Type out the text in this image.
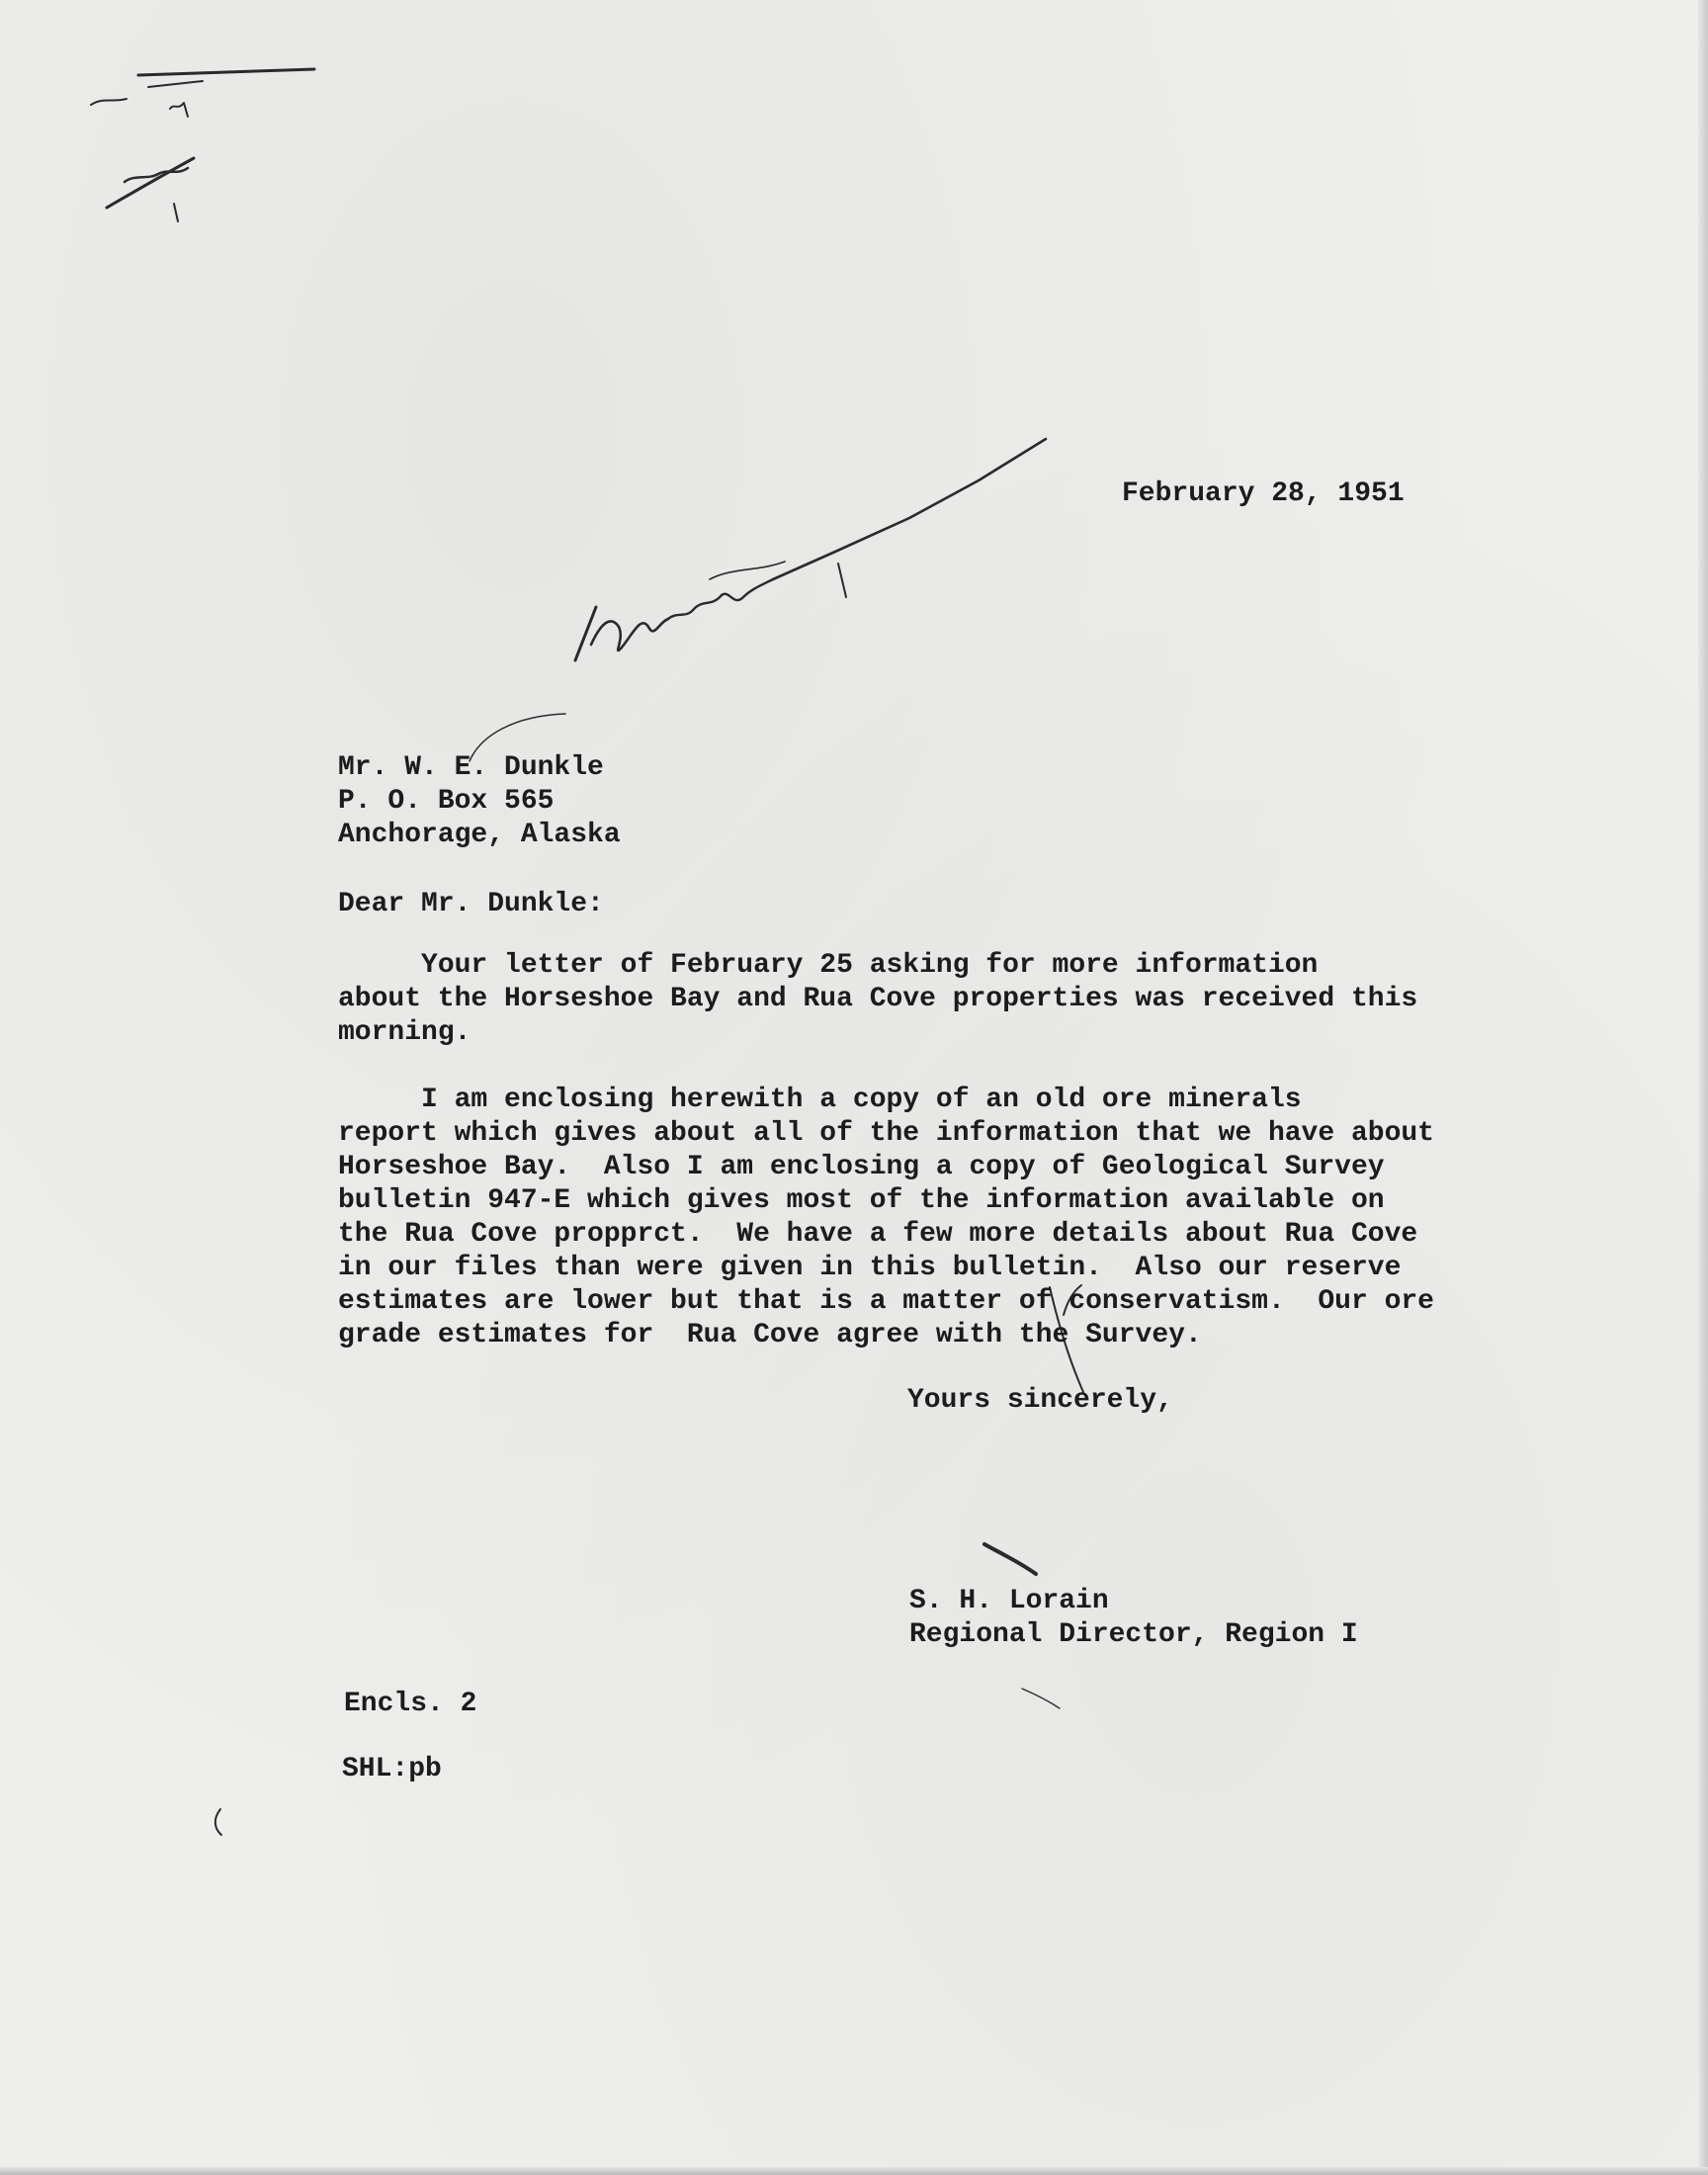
February 28, 1951
Mr. W. E. Dunkle
P. O. Box 565
Anchorage, Alaska
Dear Mr. Dunkle:
Your letter of February 25 asking for more information
about the Horseshoe Bay and Rua Cove properties was received this
morning.
I am enclosing herewith a copy of an old ore minerals
report which gives about all of the information that we have about
Horseshoe Bay.  Also I am enclosing a copy of Geological Survey
bulletin 947-E which gives most of the information available on
the Rua Cove propprct.  We have a few more details about Rua Cove
in our files than were given in this bulletin.  Also our reserve
estimates are lower but that is a matter of conservatism.  Our ore
grade estimates for  Rua Cove agree with the Survey.
Yours sincerely,
S. H. Lorain
Regional Director, Region I
Encls. 2
SHL:pb
